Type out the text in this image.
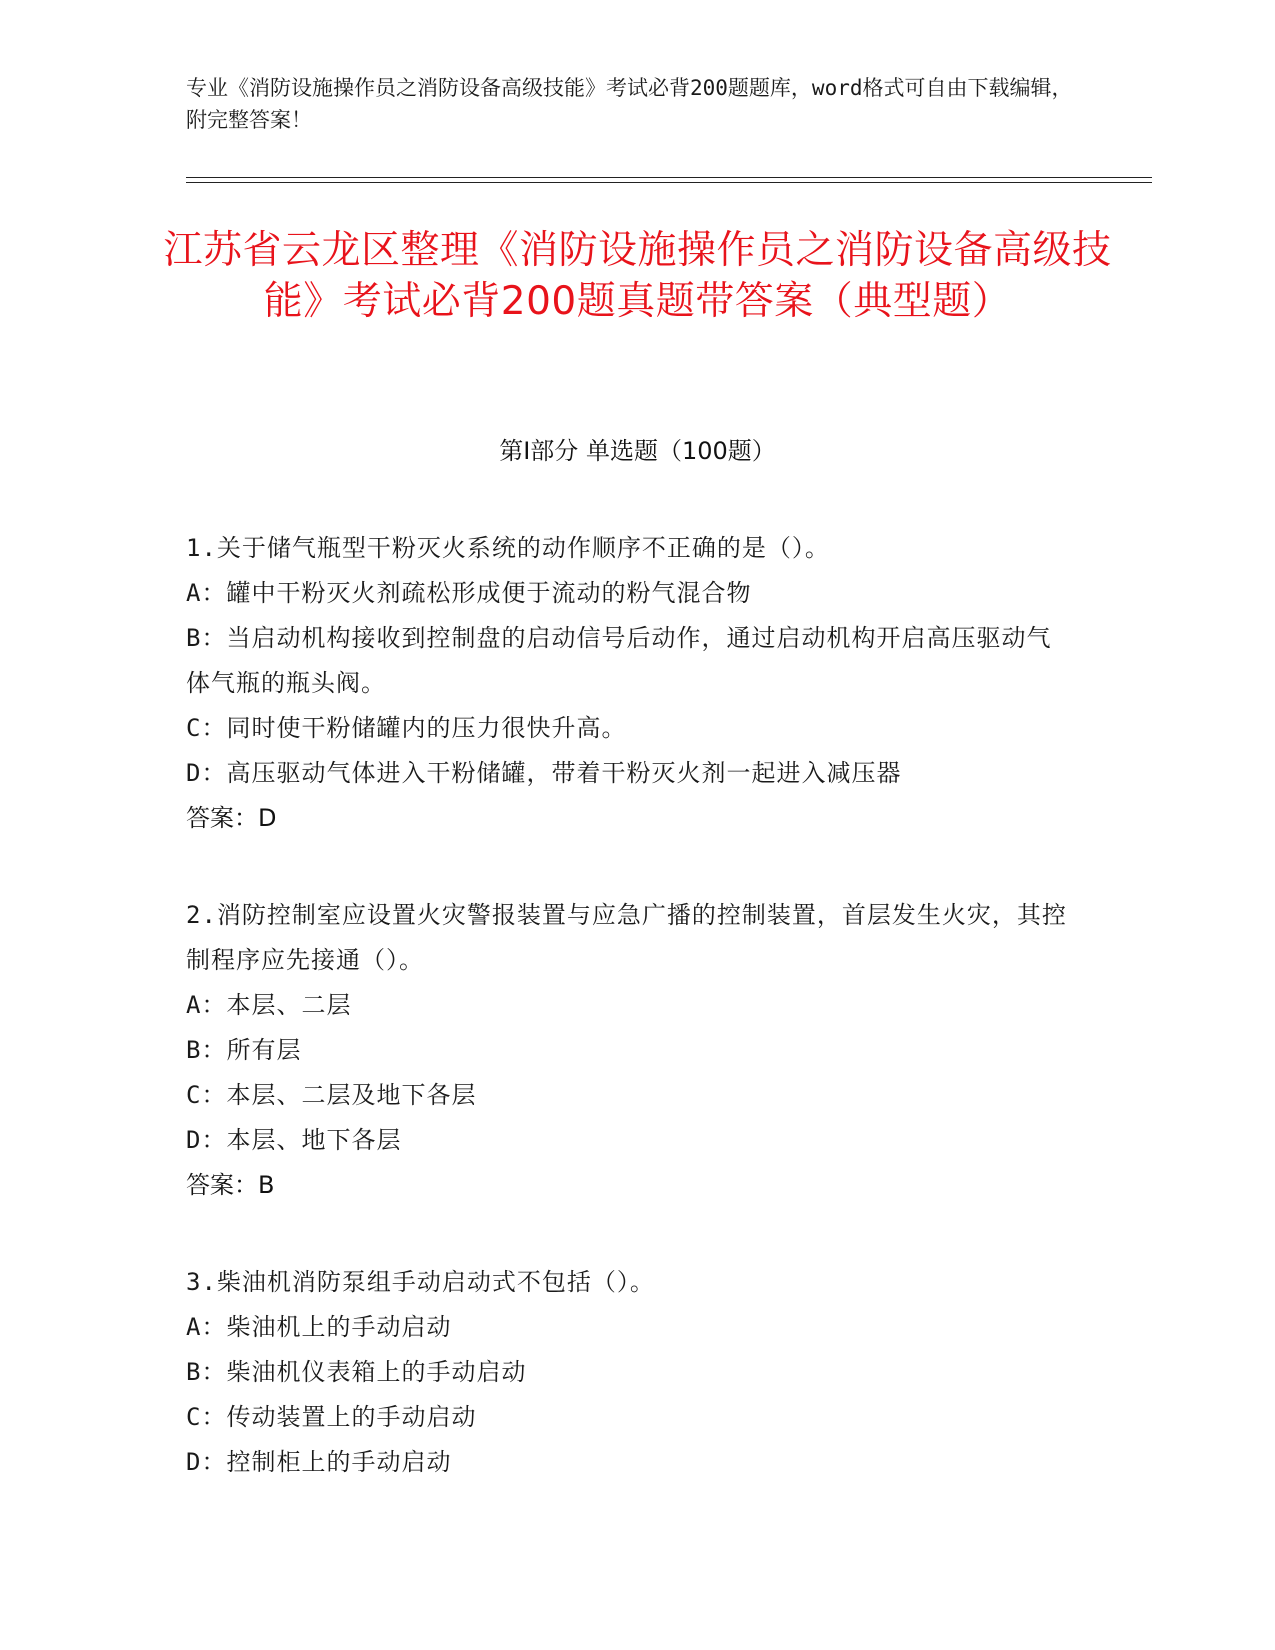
专业《消防设施操作员之消防设备高级技能》考试必背200题题库，word格式可自由下载编辑，附完整答案！
江苏省云龙区整理《消防设施操作员之消防设备高级技能》考试必背200题真题带答案（典型题）
第Ⅰ部分 单选题（100题）
1.关于储气瓶型干粉灭火系统的动作顺序不正确的是（）。
A：罐中干粉灭火剂疏松形成便于流动的粉气混合物
B：当启动机构接收到控制盘的启动信号后动作，通过启动机构开启高压驱动气体气瓶的瓶头阀。
C：同时使干粉储罐内的压力很快升高。
D：高压驱动气体进入干粉储罐，带着干粉灭火剂一起进入减压器
答案：D
2.消防控制室应设置火灾警报装置与应急广播的控制装置，首层发生火灾，其控制程序应先接通（）。
A：本层、二层
B：所有层
C：本层、二层及地下各层
D：本层、地下各层
答案：B
3.柴油机消防泵组手动启动式不包括（）。
A：柴油机上的手动启动
B：柴油机仪表箱上的手动启动
C：传动装置上的手动启动
D：控制柜上的手动启动
